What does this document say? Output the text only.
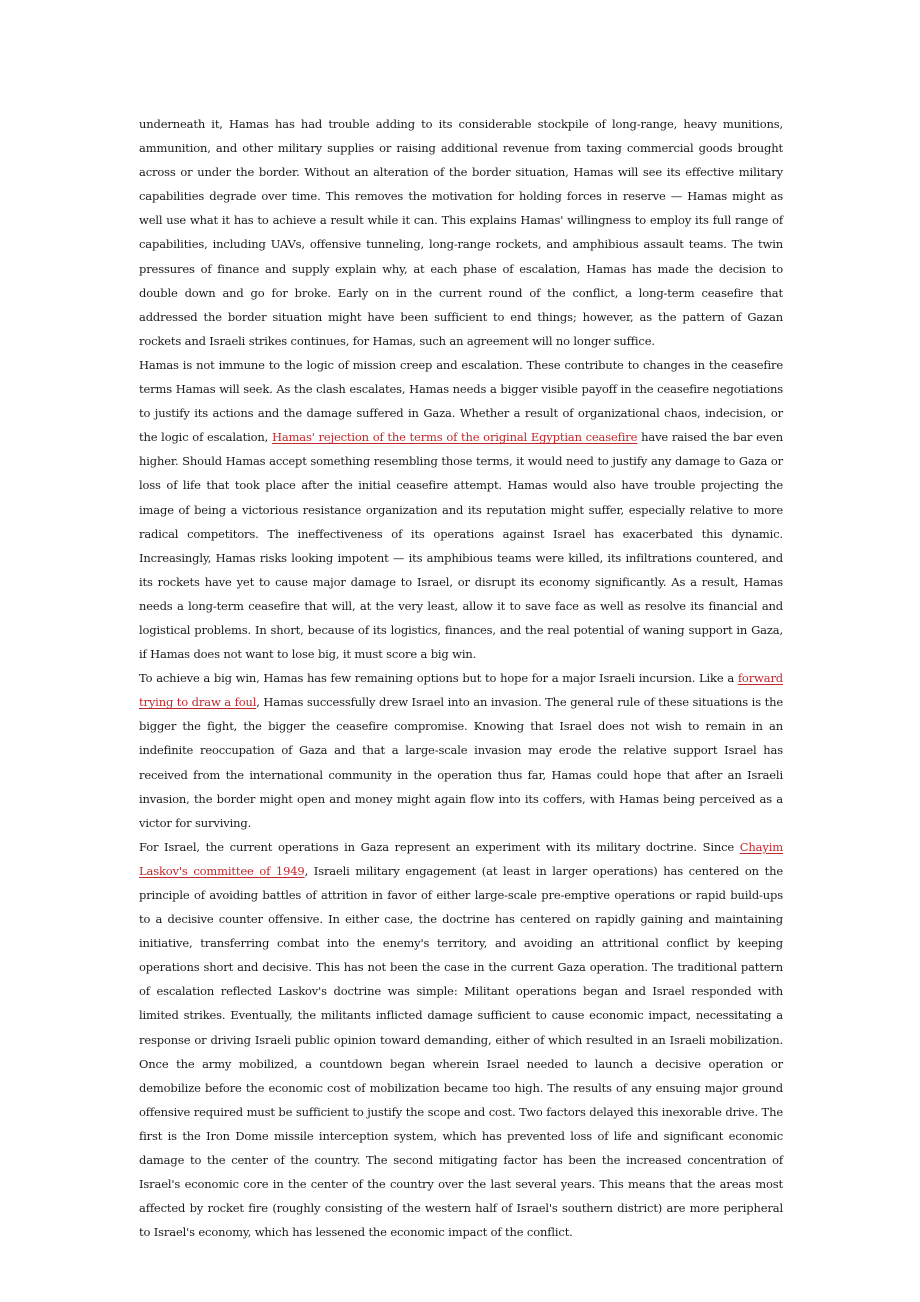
underneath it, Hamas has had trouble adding to its considerable stockpile of long-range, heavy munitions, ammunition, and other military supplies or raising additional revenue from taxing commercial goods brought across or under the border. Without an alteration of the border situation, Hamas will see its effective military capabilities degrade over time. This removes the motivation for holding forces in reserve — Hamas might as well use what it has to achieve a result while it can. This explains Hamas' willingness to employ its full range of capabilities, including UAVs, offensive tunneling, long-range rockets, and amphibious assault teams. The twin pressures of finance and supply explain why, at each phase of escalation, Hamas has made the decision to double down and go for broke. Early on in the current round of the conflict, a long-term ceasefire that addressed the border situation might have been sufficient to end things; however, as the pattern of Gazan rockets and Israeli strikes continues, for Hamas, such an agreement will no longer suffice.

Hamas is not immune to the logic of mission creep and escalation. These contribute to changes in the ceasefire terms Hamas will seek. As the clash escalates, Hamas needs a bigger visible payoff in the ceasefire negotiations to justify its actions and the damage suffered in Gaza. Whether a result of organizational chaos, indecision, or the logic of escalation, Hamas' rejection of the terms of the original Egyptian ceasefire have raised the bar even higher. Should Hamas accept something resembling those terms, it would need to justify any damage to Gaza or loss of life that took place after the initial ceasefire attempt. Hamas would also have trouble projecting the image of being a victorious resistance organization and its reputation might suffer, especially relative to more radical competitors. The ineffectiveness of its operations against Israel has exacerbated this dynamic. Increasingly, Hamas risks looking impotent — its amphibious teams were killed, its infiltrations countered, and its rockets have yet to cause major damage to Israel, or disrupt its economy significantly. As a result, Hamas needs a long-term ceasefire that will, at the very least, allow it to save face as well as resolve its financial and logistical problems. In short, because of its logistics, finances, and the real potential of waning support in Gaza, if Hamas does not want to lose big, it must score a big win.

To achieve a big win, Hamas has few remaining options but to hope for a major Israeli incursion. Like a forward trying to draw a foul, Hamas successfully drew Israel into an invasion. The general rule of these situations is the bigger the fight, the bigger the ceasefire compromise. Knowing that Israel does not wish to remain in an indefinite reoccupation of Gaza and that a large-scale invasion may erode the relative support Israel has received from the international community in the operation thus far, Hamas could hope that after an Israeli invasion, the border might open and money might again flow into its coffers, with Hamas being perceived as a victor for surviving.

For Israel, the current operations in Gaza represent an experiment with its military doctrine. Since Chayim Laskov's committee of 1949, Israeli military engagement (at least in larger operations) has centered on the principle of avoiding battles of attrition in favor of either large-scale pre-emptive operations or rapid build-ups to a decisive counter offensive. In either case, the doctrine has centered on rapidly gaining and maintaining initiative, transferring combat into the enemy's territory, and avoiding an attritional conflict by keeping operations short and decisive. This has not been the case in the current Gaza operation. The traditional pattern of escalation reflected Laskov's doctrine was simple: Militant operations began and Israel responded with limited strikes. Eventually, the militants inflicted damage sufficient to cause economic impact, necessitating a response or driving Israeli public opinion toward demanding, either of which resulted in an Israeli mobilization. Once the army mobilized, a countdown began wherein Israel needed to launch a decisive operation or demobilize before the economic cost of mobilization became too high. The results of any ensuing major ground offensive required must be sufficient to justify the scope and cost. Two factors delayed this inexorable drive. The first is the Iron Dome missile interception system, which has prevented loss of life and significant economic damage to the center of the country. The second mitigating factor has been the increased concentration of Israel's economic core in the center of the country over the last several years. This means that the areas most affected by rocket fire (roughly consisting of the western half of Israel's southern district) are more peripheral to Israel's economy, which has lessened the economic impact of the conflict.
